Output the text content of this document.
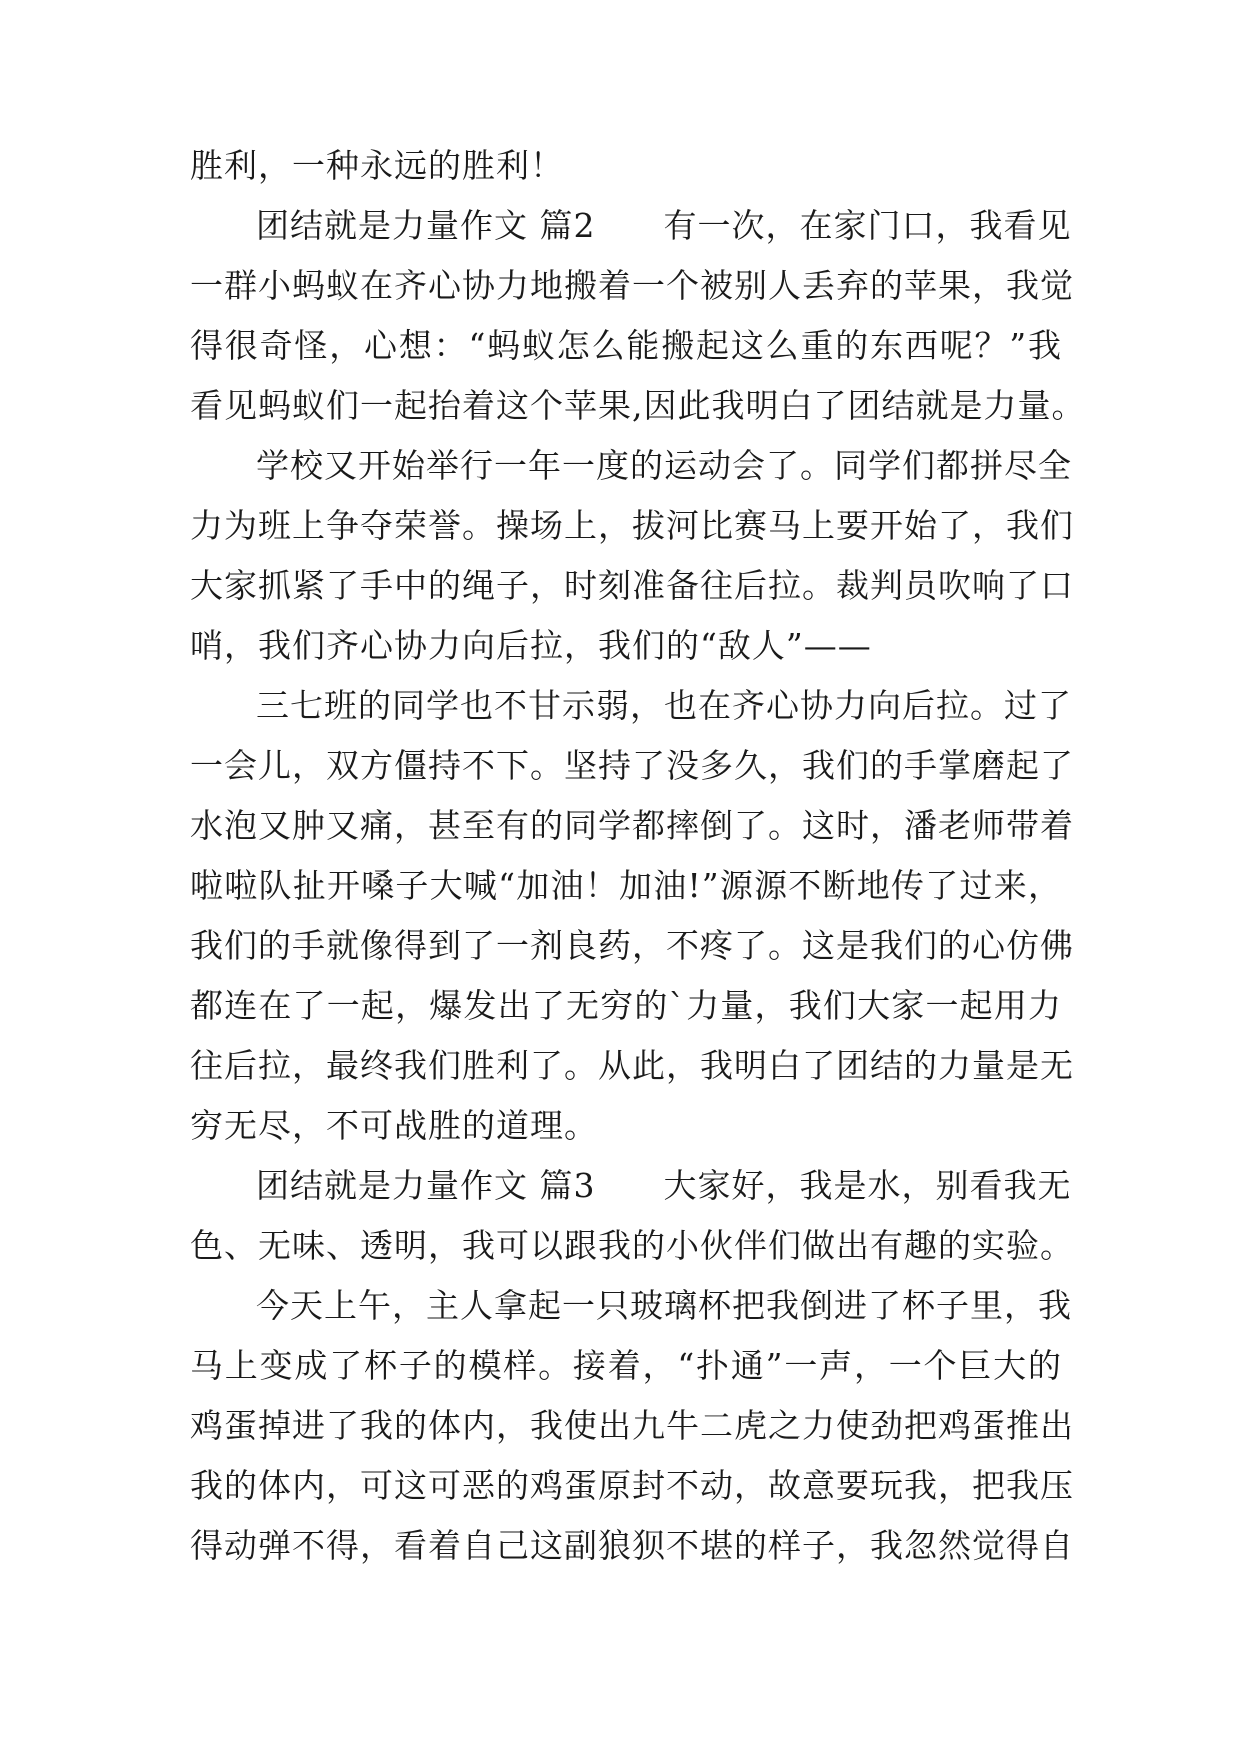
胜利，一种永远的胜利！
团结就是力量作文 篇2　　有一次，在家门口，我看见
一群小蚂蚁在齐心协力地搬着一个被别人丢弃的苹果，我觉
得很奇怪，心想：“蚂蚁怎么能搬起这么重的东西呢？”我
看见蚂蚁们一起抬着这个苹果,因此我明白了团结就是力量。
学校又开始举行一年一度的运动会了。同学们都拼尽全
力为班上争夺荣誉。操场上，拔河比赛马上要开始了，我们
大家抓紧了手中的绳子，时刻准备往后拉。裁判员吹响了口
哨，我们齐心协力向后拉，我们的“敌人”——
三七班的同学也不甘示弱，也在齐心协力向后拉。过了
一会儿，双方僵持不下。坚持了没多久，我们的手掌磨起了
水泡又肿又痛，甚至有的同学都摔倒了。这时，潘老师带着
啦啦队扯开嗓子大喊“加油！加油!”源源不断地传了过来，
我们的手就像得到了一剂良药，不疼了。这是我们的心仿佛
都连在了一起，爆发出了无穷的`力量，我们大家一起用力
往后拉，最终我们胜利了。从此，我明白了团结的力量是无
穷无尽，不可战胜的道理。
团结就是力量作文 篇3　　大家好，我是水，别看我无
色、无味、透明，我可以跟我的小伙伴们做出有趣的实验。
今天上午，主人拿起一只玻璃杯把我倒进了杯子里，我
马上变成了杯子的模样。接着，“扑通”一声，一个巨大的
鸡蛋掉进了我的体内，我使出九牛二虎之力使劲把鸡蛋推出
我的体内，可这可恶的鸡蛋原封不动，故意要玩我，把我压
得动弹不得，看着自己这副狼狈不堪的样子，我忽然觉得自
